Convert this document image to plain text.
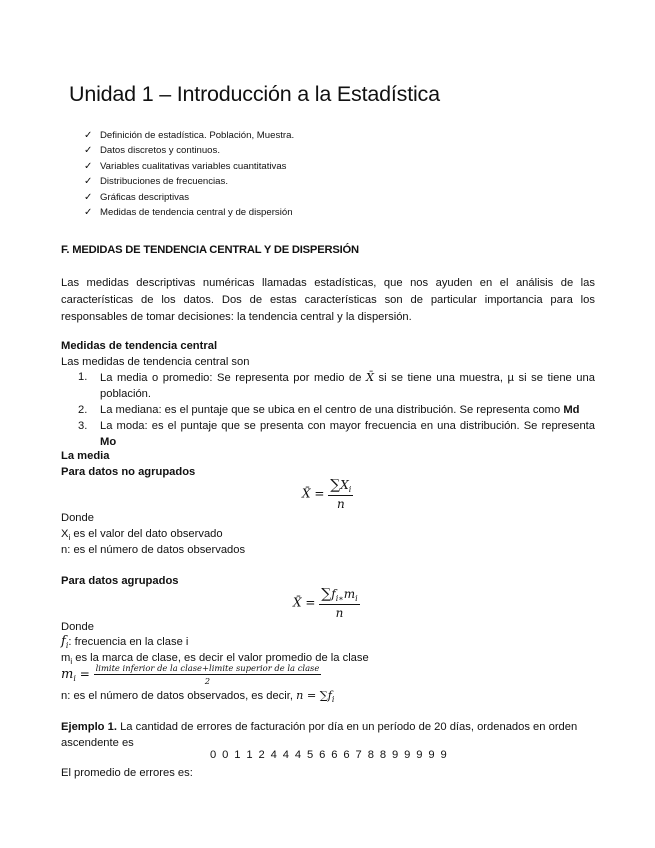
Unidad 1 – Introducción a la Estadística
✓ Definición de estadística. Población, Muestra.
✓ Datos discretos y continuos.
✓ Variables cualitativas variables cuantitativas
✓ Distribuciones de frecuencias.
✓ Gráficas descriptivas
✓ Medidas de tendencia central y de dispersión
F. MEDIDAS DE TENDENCIA CENTRAL Y DE DISPERSIÓN
Las medidas descriptivas numéricas llamadas estadísticas, que nos ayuden en el análisis de las características de los datos. Dos de estas características son de particular importancia para los responsables de tomar decisiones: la tendencia central y la dispersión.
Medidas de tendencia central
Las medidas de tendencia central son
1. La media o promedio: Se representa por medio de X̄ si se tiene una muestra, µ si se tiene una población.
2. La mediana: es el puntaje que se ubica en el centro de una distribución. Se representa como Md
3. La moda: es el puntaje que se presenta con mayor frecuencia en una distribución. Se representa Mo
La media
Para datos no agrupados
X̄ = $\frac{\sum X_i}{n}$
Donde
$X_i$ es el valor del dato observado
n: es el número de datos observados
Para datos agrupados
X̄ = $\frac{\sum f_{i∗}m_i}{n}$
Donde
$f_i$: frecuencia en la clase i
$m_i$ es la marca de clase, es decir el valor promedio de la clase
$m_i = \frac{\text{limite inferior de la clase+limite superior de la clase}}{2}$
n: es el número de datos observados, es decir, $n = \sum f_i$
Ejemplo 1. La cantidad de errores de facturación por día en un período de 20 días, ordenados en orden
ascendente es
0 0 1 1 2 4 4 4 5 6 6 6 7 8 8 9 9 9 9 9
El promedio de errores es:
